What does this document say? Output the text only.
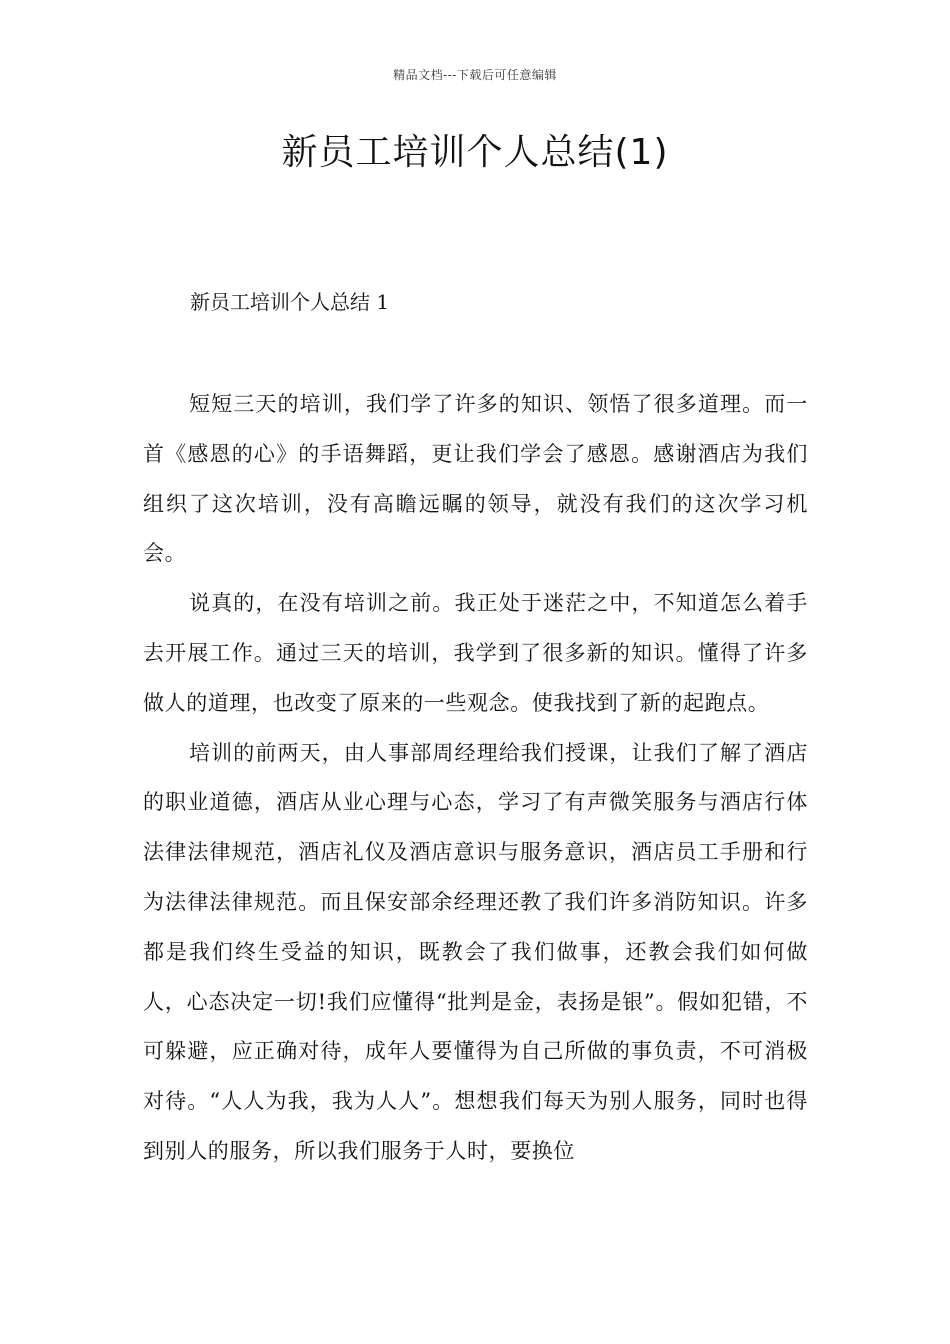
精品文档---下载后可任意编辑
新员工培训个人总结(1)

新员工培训个人总结 1

短短三天的培训，我们学了许多的知识、领悟了很多道理。而一首《感恩的心》的手语舞蹈，更让我们学会了感恩。感谢酒店为我们组织了这次培训，没有高瞻远瞩的领导，就没有我们的这次学习机会。

说真的，在没有培训之前。我正处于迷茫之中，不知道怎么着手去开展工作。通过三天的培训，我学到了很多新的知识。懂得了许多做人的道理，也改变了原来的一些观念。使我找到了新的起跑点。

培训的前两天，由人事部周经理给我们授课，让我们了解了酒店的职业道德，酒店从业心理与心态，学习了有声微笑服务与酒店行体法律法律规范，酒店礼仪及酒店意识与服务意识，酒店员工手册和行为法律法律规范。而且保安部余经理还教了我们许多消防知识。许多都是我们终生受益的知识，既教会了我们做事，还教会我们如何做人，心态决定一切!我们应懂得“批判是金，表扬是银”。假如犯错，不可躲避，应正确对待，成年人要懂得为自己所做的事负责，不可消极对待。“人人为我，我为人人”。想想我们每天为别人服务，同时也得到别人的服务，所以我们服务于人时，要换位
